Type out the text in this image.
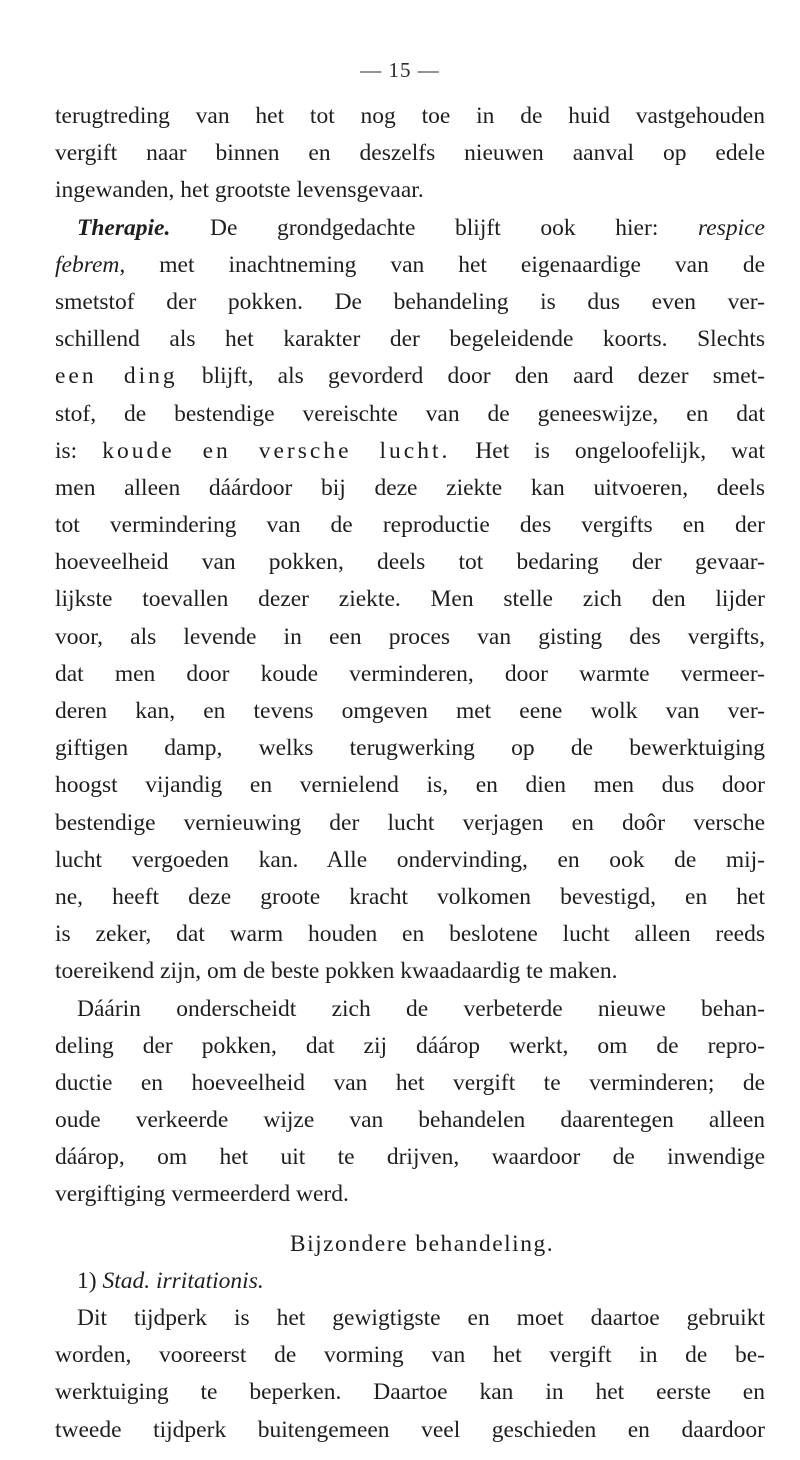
— 15 —
terugtreding van het tot nog toe in de huid vastgehouden
vergift naar binnen en deszelfs nieuwen aanval op edele
ingewanden, het grootste levensgevaar.
Therapie. De grondgedachte blijft ook hier: respice
febrem, met inachtneming van het eigenaardige van de
smetstof der pokken. De behandeling is dus even ver-
schillend als het karakter der begeleidende koorts. Slechts
een ding blijft, als gevorderd door den aard dezer smet-
stof, de bestendige vereischte van de geneeswijze, en dat
is: koude en versche lucht. Het is ongeloofelijk, wat
men alleen dáárdoor bij deze ziekte kan uitvoeren, deels
tot vermindering van de reproductie des vergifts en der
hoeveelheid van pokken, deels tot bedaring der gevaar-
lijkste toevallen dezer ziekte. Men stelle zich den lijder
voor, als levende in een proces van gisting des vergifts,
dat men door koude verminderen, door warmte vermeer-
deren kan, en tevens omgeven met eene wolk van ver-
giftigen damp, welks terugwerking op de bewerktuiging
hoogst vijandig en vernielend is, en dien men dus door
bestendige vernieuwing der lucht verjagen en doôr versche
lucht vergoeden kan. Alle ondervinding, en ook de mij-
ne, heeft deze groote kracht volkomen bevestigd, en het
is zeker, dat warm houden en beslotene lucht alleen reeds
toereikend zijn, om de beste pokken kwaadaardig te maken.
Dáárin onderscheidt zich de verbeterde nieuwe behan-
deling der pokken, dat zij dáárop werkt, om de repro-
ductie en hoeveelheid van het vergift te verminderen; de
oude verkeerde wijze van behandelen daarentegen alleen
dáárop, om het uit te drijven, waardoor de inwendige
vergiftiging vermeerderd werd.
Bijzondere behandeling.
1) Stad. irritationis.
Dit tijdperk is het gewigtigste en moet daartoe gebruikt
worden, vooreerst de vorming van het vergift in de be-
werktuiging te beperken. Daartoe kan in het eerste en
tweede tijdperk buitengemeen veel geschieden en daardoor
